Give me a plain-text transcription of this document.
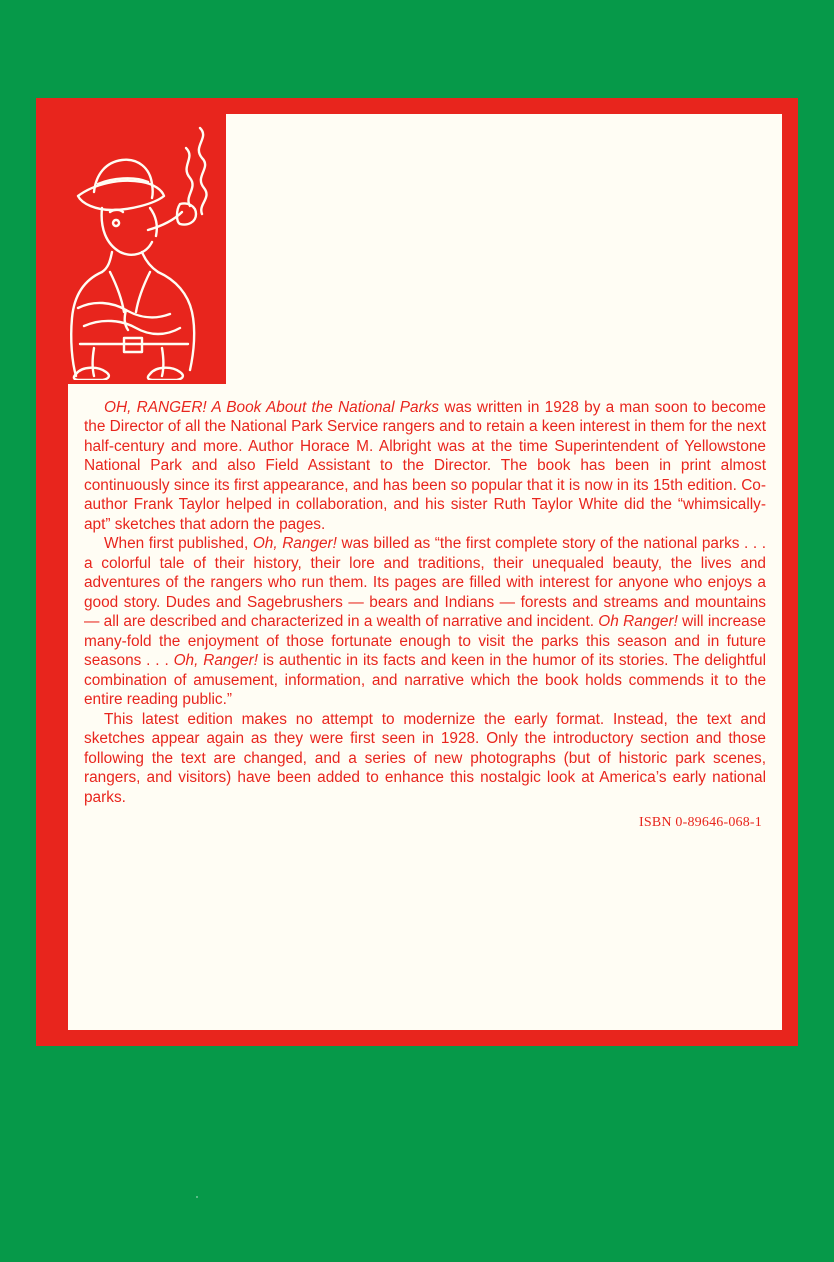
OH, RANGER! A Book About the National Parks was written in 1928 by a man soon to become the Director of all the National Park Service rangers and to retain a keen interest in them for the next half-century and more. Author Horace M. Albright was at the time Superintendent of Yellowstone National Park and also Field Assistant to the Director. The book has been in print almost continuously since its first appearance, and has been so popular that it is now in its 15th edition. Co-author Frank Taylor helped in collaboration, and his sister Ruth Taylor White did the “whimsically-apt” sketches that adorn the pages.

When first published, Oh, Ranger! was billed as “the first complete story of the national parks . . . a colorful tale of their history, their lore and traditions, their unequaled beauty, the lives and adventures of the rangers who run them. Its pages are filled with interest for anyone who enjoys a good story. Dudes and Sagebrushers — bears and Indians — forests and streams and mountains — all are described and characterized in a wealth of narrative and incident. Oh Ranger! will increase many-fold the enjoyment of those fortunate enough to visit the parks this season and in future seasons . . . Oh, Ranger! is authentic in its facts and keen in the humor of its stories. The delightful combination of amusement, information, and narrative which the book holds commends it to the entire reading public.”

This latest edition makes no attempt to modernize the early format. Instead, the text and sketches appear again as they were first seen in 1928. Only the introductory section and those following the text are changed, and a series of new photographs (but of historic park scenes, rangers, and visitors) have been added to enhance this nostalgic look at America’s early national parks.

ISBN 0-89646-068-1
